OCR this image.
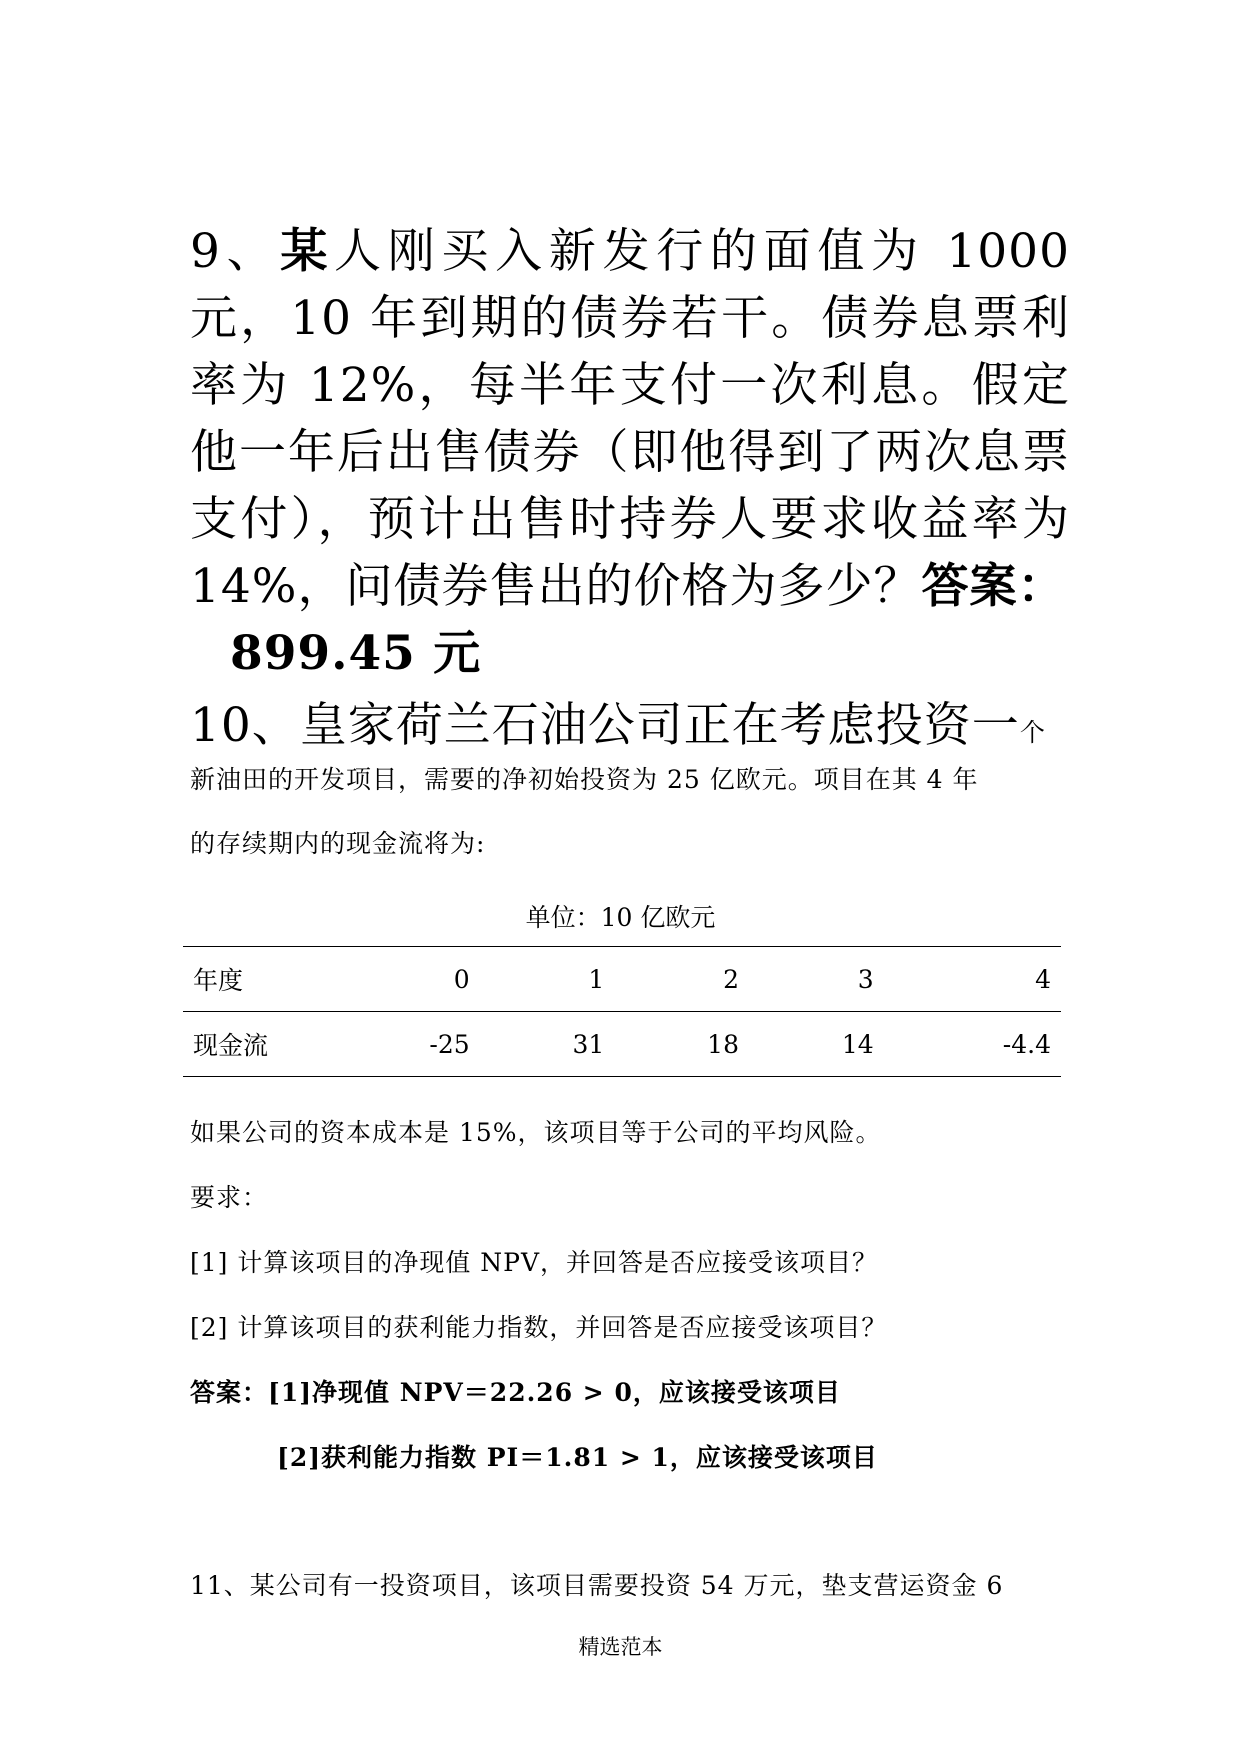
9、某人刚买入新发行的面值为 1000 元，10 年到期的债券若干。债券息票利率为 12%，每半年支付一次利息。假定他一年后出售债券（即他得到了两次息票支付），预计出售时持券人要求收益率为 14%，问债券售出的价格为多少？答案：
899.45 元
10、皇家荷兰石油公司正在考虑投资一个
新油田的开发项目，需要的净初始投资为 25 亿欧元。项目在其 4 年
的存续期内的现金流将为:
单位：10 亿欧元
年度	0	1	2	3	4
现金流	-25	31	18	14	-4.4
如果公司的资本成本是 15%，该项目等于公司的平均风险。
要求：
[1] 计算该项目的净现值 NPV，并回答是否应接受该项目？
[2] 计算该项目的获利能力指数，并回答是否应接受该项目？
答案：[1]净现值 NPV＝22.26 > 0，应该接受该项目
[2]获利能力指数 PI＝1.81 > 1，应该接受该项目
11、某公司有一投资项目，该项目需要投资 54 万元，垫支营运资金 6
精选范本
